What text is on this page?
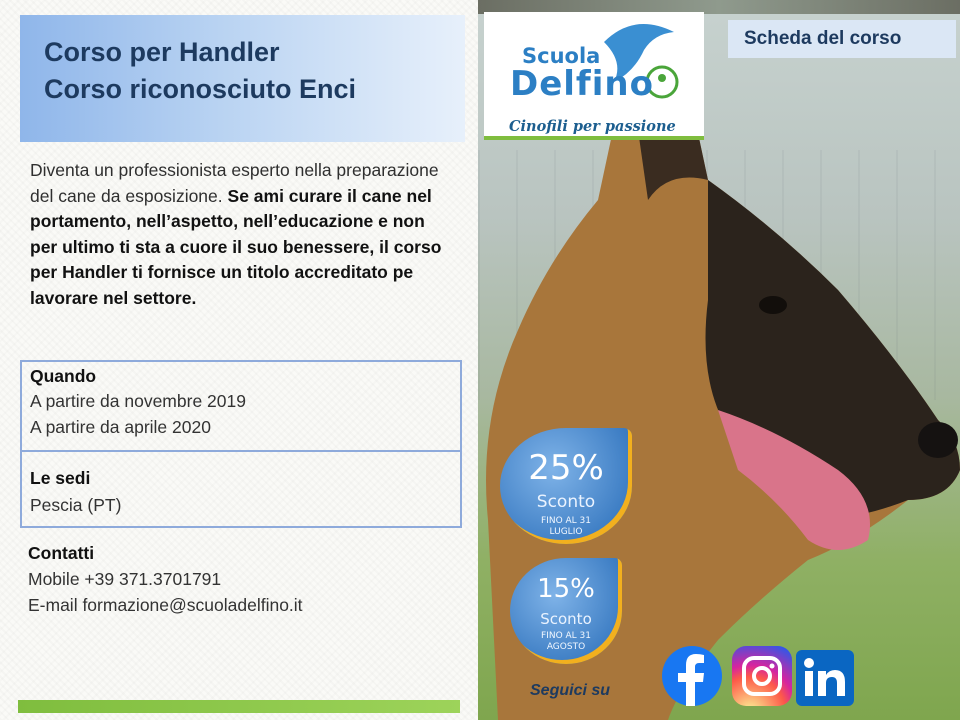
Corso per Handler
Corso riconosciuto Enci
Diventa un professionista esperto nella preparazione del cane da esposizione. Se ami curare il cane nel portamento, nell’aspetto, nell’educazione e non per ultimo ti sta a cuore il suo benessere, il corso per Handler ti fornisce un titolo accreditato pe lavorare nel settore.
Quando
A partire da novembre 2019
A partire da aprile 2020
Le sedi
Pescia (PT)
Contatti
Mobile +39 371.3701791
E-mail formazione@scuoladelfino.it
Scheda del corso
Scuola
Delfino
Cinofili per passione
25%
Sconto
FINO AL 31
LUGLIO
15%
Sconto
FINO AL 31
AGOSTO
Seguici su
